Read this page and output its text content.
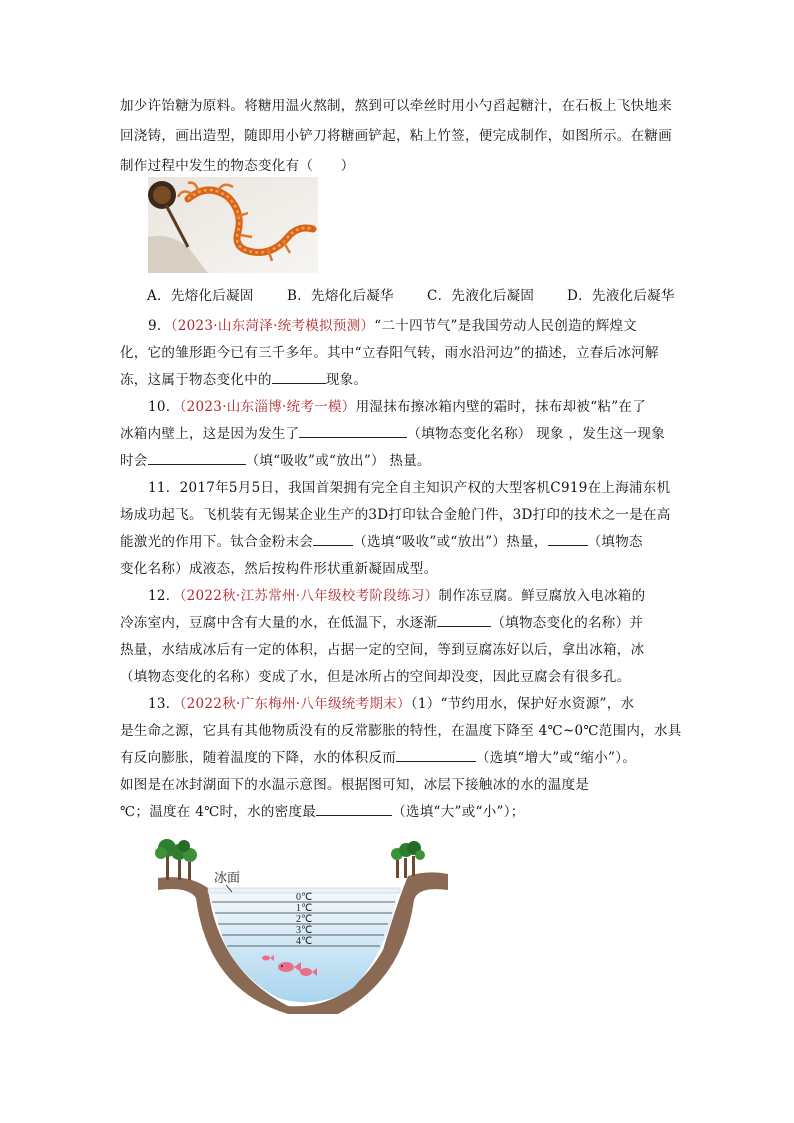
加少许饴糖为原料。将糖用温火熬制，熬到可以牵丝时用小勺舀起糖汁，在石板上飞快地来
回浇铸，画出造型，随即用小铲刀将糖画铲起，粘上竹签，便完成制作，如图所示。在糖画
制作过程中发生的物态变化有（　　）
A．先熔化后凝固 B．先熔化后凝华 C．先液化后凝固 D．先液化后凝华
9．（2023·山东菏泽·统考模拟预测）“二十四节气”是我国劳动人民创造的辉煌文
化，它的雏形距今已有三千多年。其中“立春阳气转，雨水沿河边”的描述，立春后冰河解
冻，这属于物态变化中的	现象。
10．（2023·山东淄博·统考一模）用湿抹布擦冰箱内壁的霜时，抹布却被“粘”在了
冰箱内壁上，这是因为发生了	（填物态变化名称） 现象 ，发生这一现象
时会	（填“吸收”或“放出”） 热量。
11．2017年5月5日，我国首架拥有完全自主知识产权的大型客机C919在上海浦东机
场成功起飞。飞机装有无锡某企业生产的3D打印钛合金舱门件，3D打印的技术之一是在高
能激光的作用下。钛合金粉末会	（选填“吸收”或“放出”）热量，	（填物态
变化名称）成液态，然后按构件形状重新凝固成型。
12．（2022秋·江苏常州·八年级校考阶段练习）制作冻豆腐。鲜豆腐放入电冰箱的
冷冻室内，豆腐中含有大量的水，在低温下，水逐渐	（填物态变化的名称）并
热量，水结成冰后有一定的体积，占据一定的空间，等到豆腐冻好以后，拿出冰箱，冰
（填物态变化的名称）变成了水，但是冰所占的空间却没变，因此豆腐会有很多孔。
13．（2022秋·广东梅州·八年级统考期末）（1）“节约用水，保护好水资源”，水
是生命之源，它具有其他物质没有的反常膨胀的特性，在温度下降至 4℃~0℃范围内，水具
有反向膨胀，随着温度的下降，水的体积反而	（选填“增大”或“缩小”）。
如图是在冰封湖面下的水温示意图。根据图可知，冰层下接触冰的水的温度是
℃；温度在 4℃时，水的密度最	（选填“大”或“小”）；
冰面
0℃
1℃
2℃
3℃
4℃
